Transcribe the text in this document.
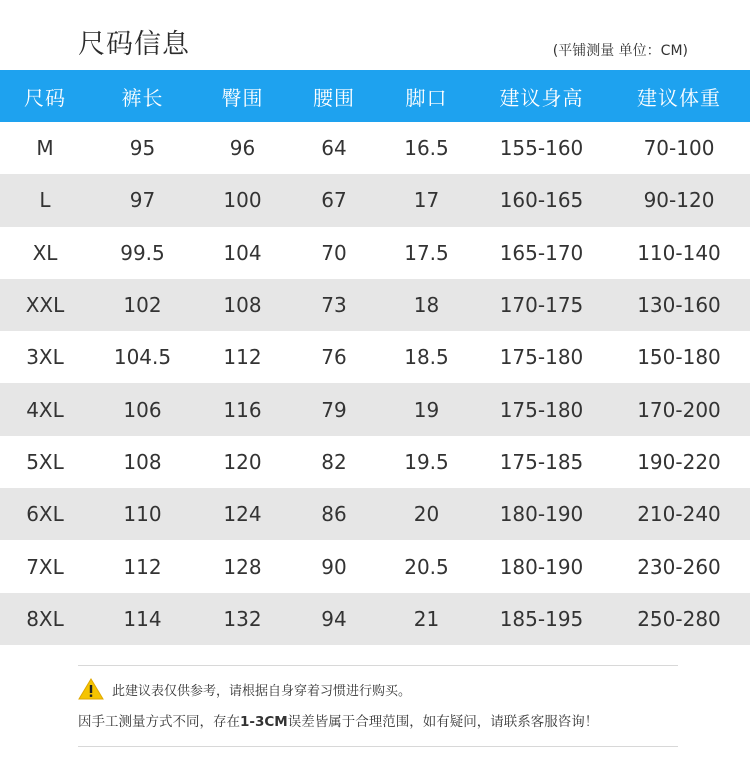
尺码信息	(平铺测量 单位：CM)
尺码	裤长	臀围	腰围	脚口	建议身高	建议体重
M	95	96	64	16.5	155-160	70-100
L	97	100	67	17	160-165	90-120
XL	99.5	104	70	17.5	165-170	110-140
XXL	102	108	73	18	170-175	130-160
3XL	104.5	112	76	18.5	175-180	150-180
4XL	106	116	79	19	175-180	170-200
5XL	108	120	82	19.5	175-185	190-220
6XL	110	124	86	20	180-190	210-240
7XL	112	128	90	20.5	180-190	230-260
8XL	114	132	94	21	185-195	250-280
此建议表仅供参考，请根据自身穿着习惯进行购买。
因手工测量方式不同，存在1-3CM误差皆属于合理范围，如有疑问，请联系客服咨询！
